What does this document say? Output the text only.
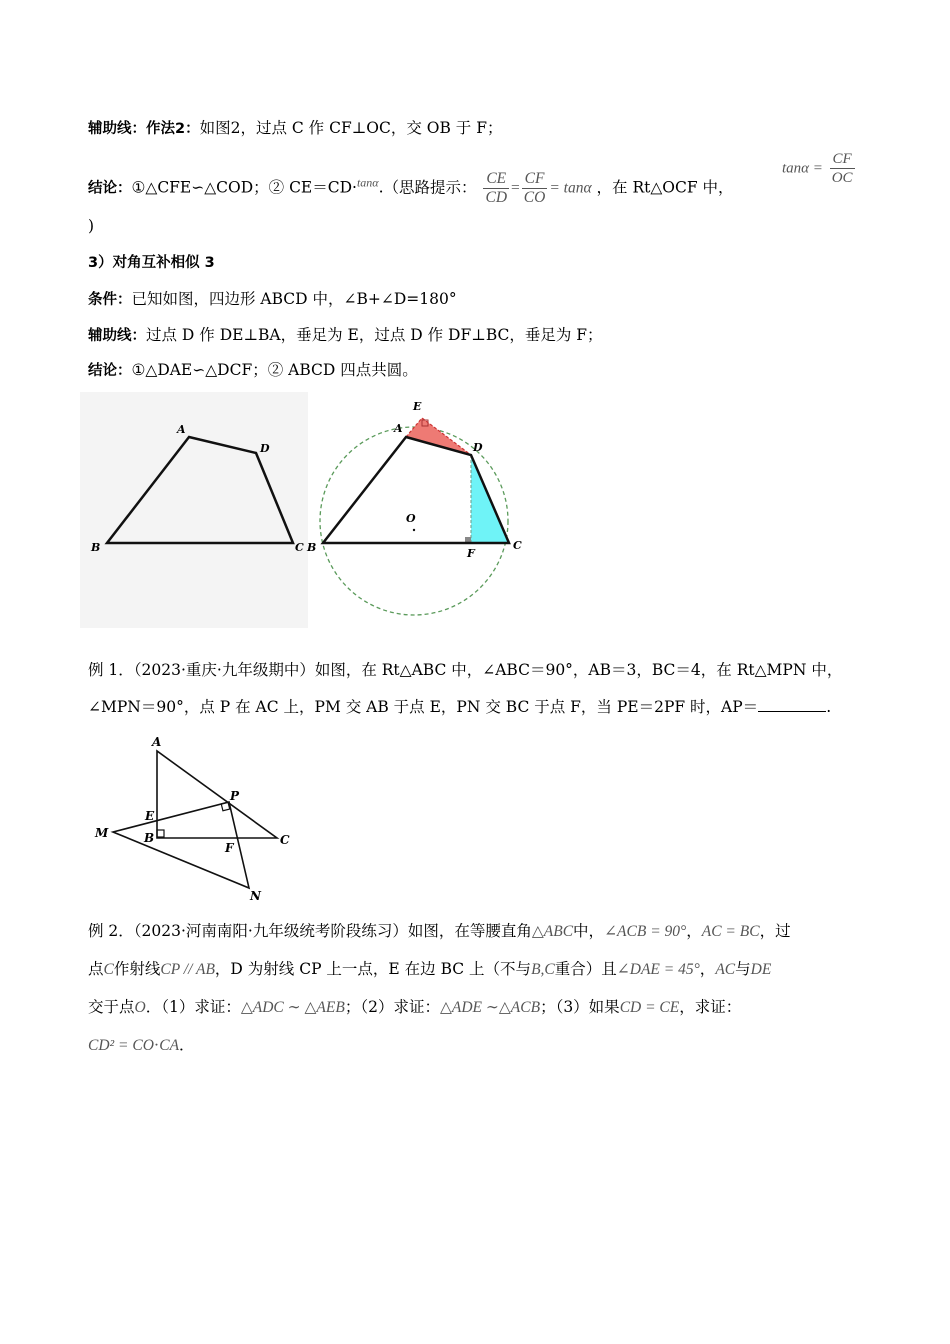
辅助线：作法2：如图2，过点 C 作 CF⊥OC，交 OB 于 F；
结论：①△CFE∽△COD；② CE＝CD·$^{tan\alpha}$.（思路提示： $\frac{CE}{CD} = \frac{CF}{CO} = \tan\alpha$ ，在 Rt△OCF 中，
$\tan\alpha = \frac{CF}{OC}$
)
3）对角互补相似 3
条件：已知如图，四边形 ABCD 中，∠B+∠D=180°
辅助线：过点 D 作 DE⊥BA，垂足为 E，过点 D 作 DF⊥BC，垂足为 F；
结论：①△DAE∽△DCF；② ABCD 四点共圆。
A
D
B	C
E
A
D
O
B	F
C
例 1．（2023·重庆·九年级期中）如图，在 Rt△ABC 中，∠ABC＝90°，AB＝3，BC＝4，在 Rt△MPN 中，
∠MPN＝90°，点 P 在 AC 上，PM 交 AB 于点 E，PN 交 BC 于点 F，当 PE＝2PF 时，AP＝	.
A
P
E
M	B	C
F
N
例 2．（2023·河南南阳·九年级统考阶段练习）如图，在等腰直角△ABC中，∠ACB = 90°，AC = BC，过
点C作射线CP // AB，D 为射线 CP 上一点，E 在边 BC 上（不与B,C重合）且∠DAE = 45°，AC与DE
交于点O．（1）求证：△ADC ∼ △AEB；（2）求证：△ADE ∼△ACB；（3）如果CD = CE，求证：
CD² = CO⋅CA．
